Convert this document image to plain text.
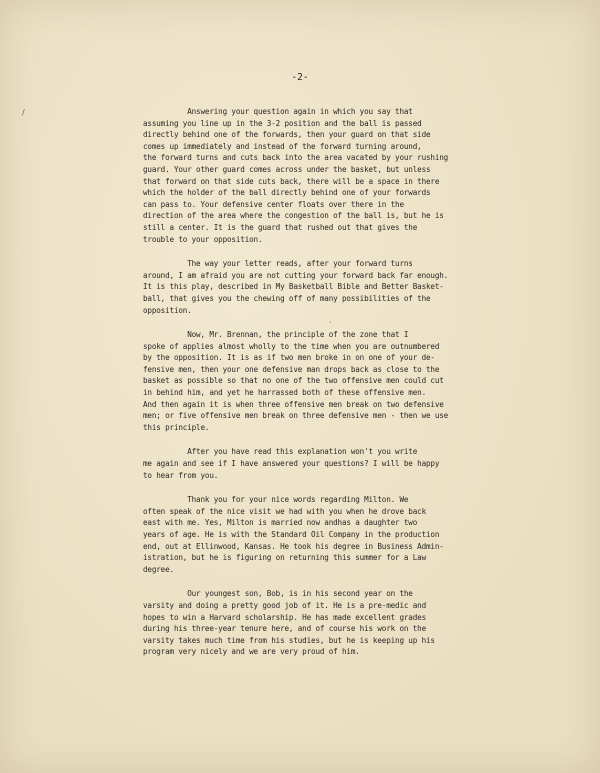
-2-
/
·
Answering your question again in which you say that
assuming you line up in the 3-2 position and the ball is passed
directly behind one of the forwards, then your guard on that side
comes up immediately and instead of the forward turning around,
the forward turns and cuts back into the area vacated by your rushing
guard. Your other guard comes across under the basket, but unless
that forward on that side cuts back, there will be a space in there
which the holder of the ball directly behind one of your forwards
can pass to. Your defensive center floats over there in the
direction of the area where the congestion of the ball is, but he is
still a center. It is the guard that rushed out that gives the
trouble to your opposition.
The way your letter reads, after your forward turns
around, I am afraid you are not cutting your forward back far enough.
It is this play, described in My Basketball Bible and Better Basket-
ball, that gives you the chewing off of many possibilities of the
opposition.
Now, Mr. Brennan, the principle of the zone that I
spoke of applies almost wholly to the time when you are outnumbered
by the opposition. It is as if two men broke in on one of your de-
fensive men, then your one defensive man drops back as close to the
basket as possible so that no one of the two offensive men could cut
in behind him, and yet he harrassed both of these offensive men.
And then again it is when three offensive men break on two defensive
men; or five offensive men break on three defensive men - then we use
this principle.
After you have read this explanation won't you write
me again and see if I have answered your questions? I will be happy
to hear from you.
Thank you for your nice words regarding Milton. We
often speak of the nice visit we had with you when he drove back
east with me. Yes, Milton is married now andhas a daughter two
years of age. He is with the Standard Oil Company in the production
end, out at Ellinwood, Kansas. He took his degree in Business Admin-
istration, but he is figuring on returning this summer for a Law
degree.
Our youngest son, Bob, is in his second year on the
varsity and doing a pretty good job of it. He is a pre-medic and
hopes to win a Harvard scholarship. He has made excellent grades
during his three-year tenure here, and of course his work on the
varsity takes much time from his studies, but he is keeping up his
program very nicely and we are very proud of him.
